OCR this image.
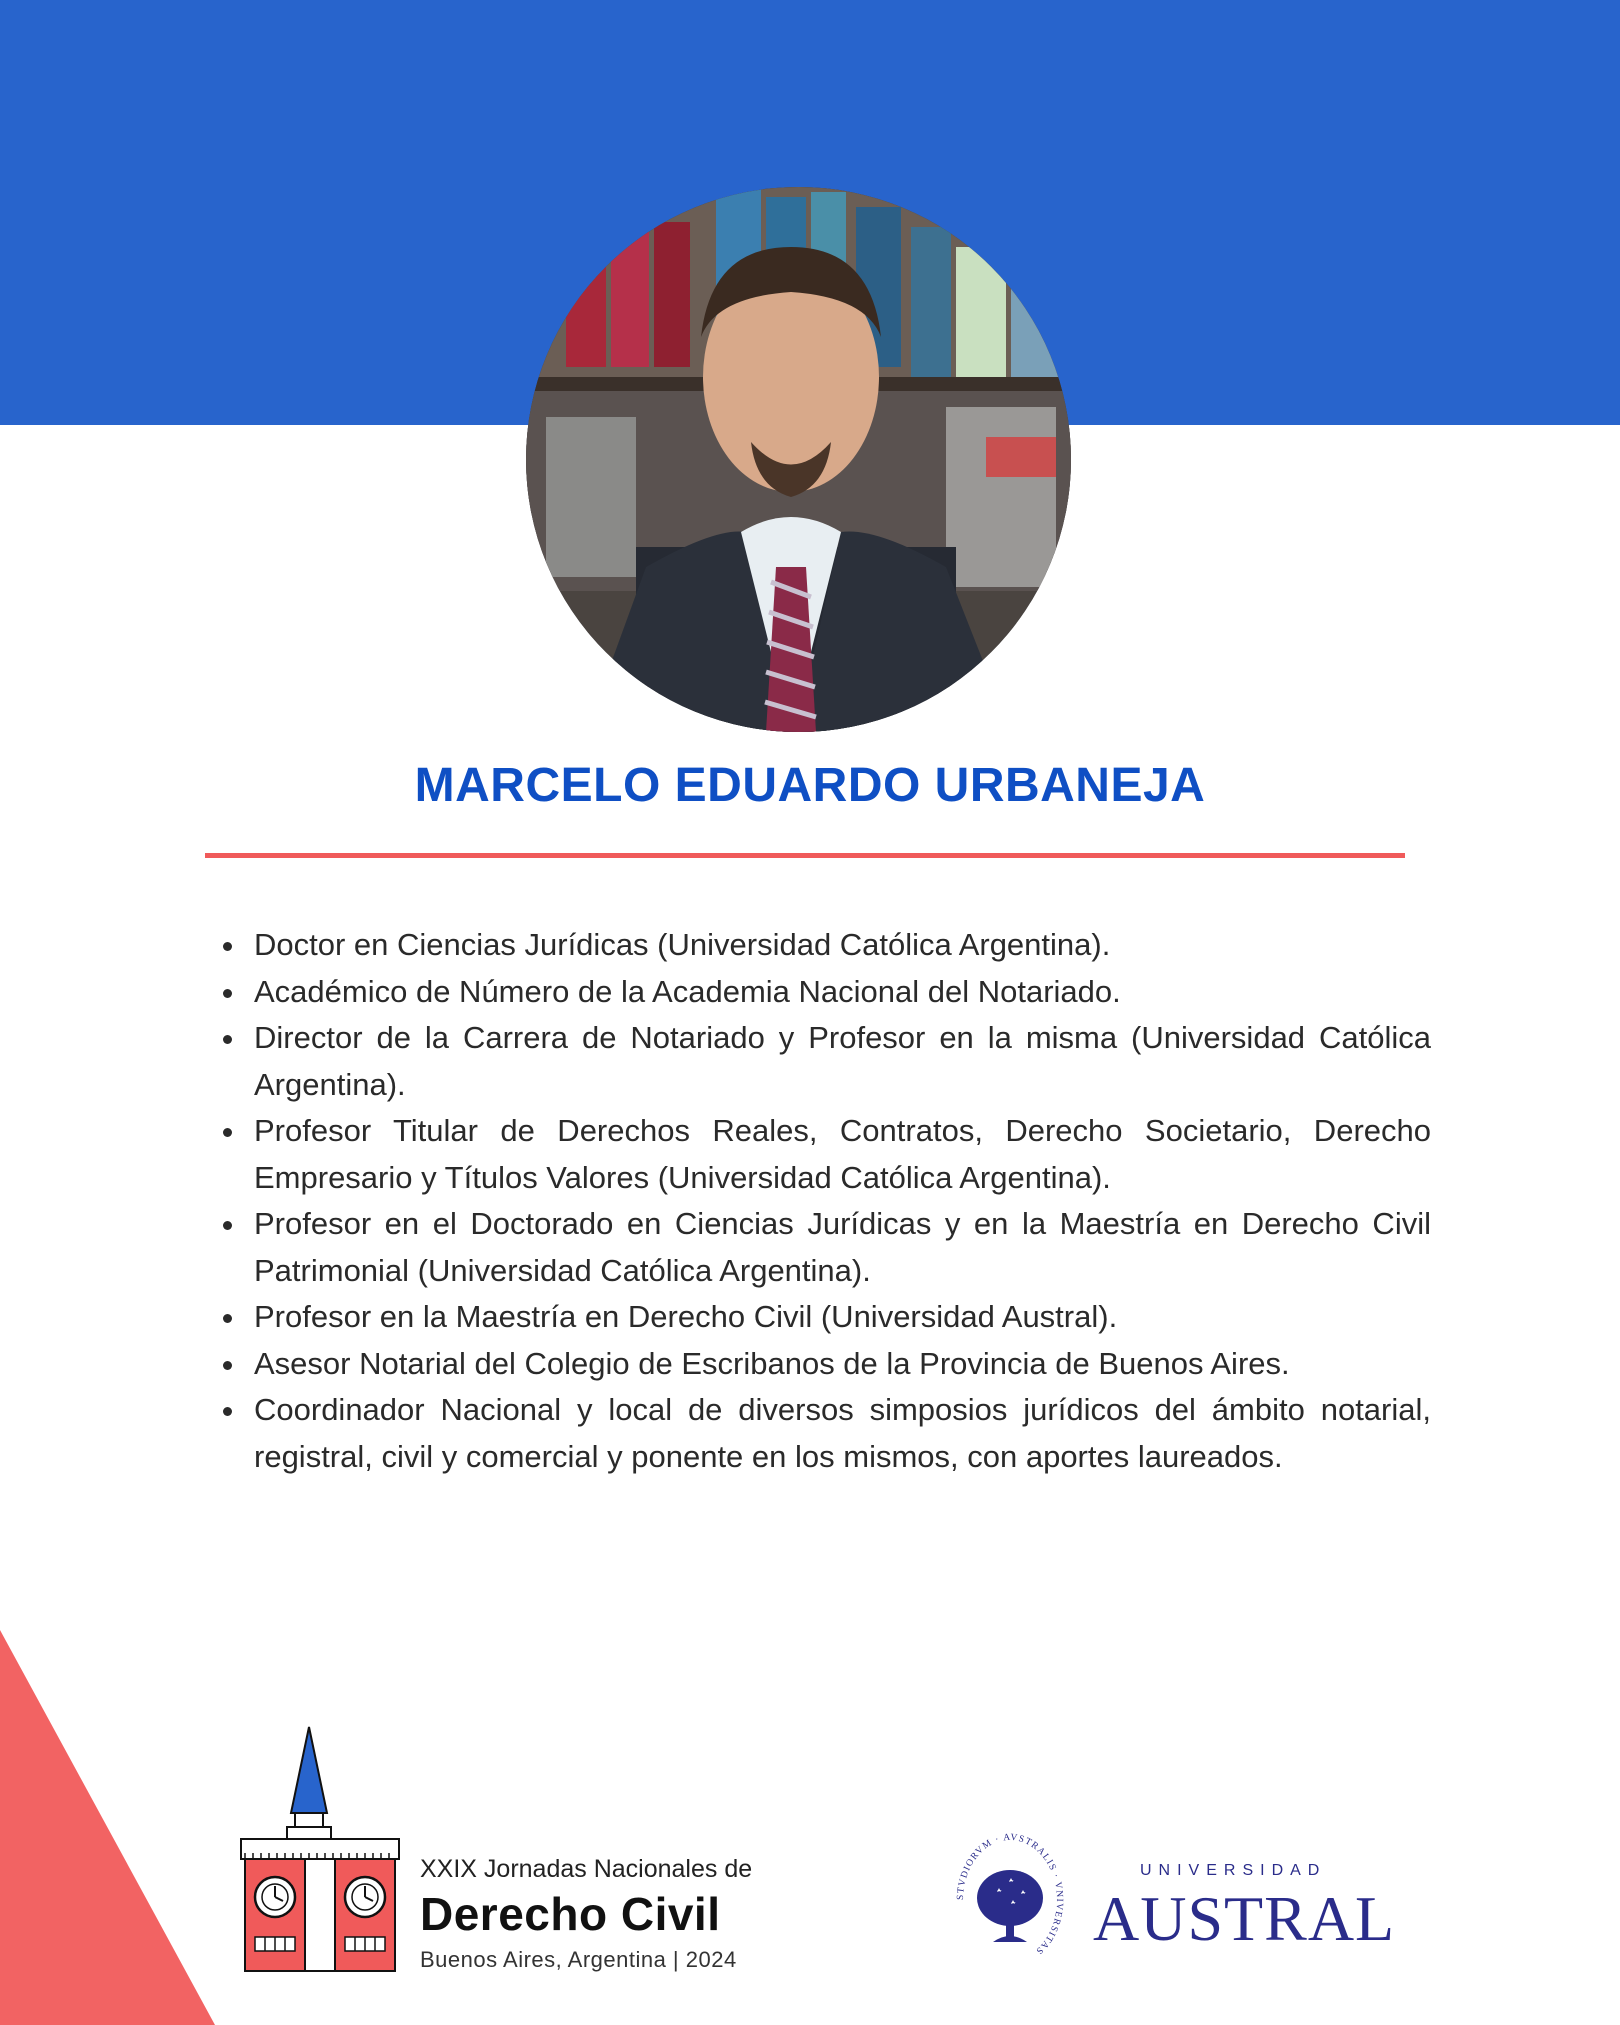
MARCELO EDUARDO URBANEJA
• Doctor en Ciencias Jurídicas (Universidad Católica Argentina).
• Académico de Número de la Academia Nacional del Notariado.
• Director de la Carrera de Notariado y Profesor en la misma (Universidad Católica Argentina).
• Profesor Titular de Derechos Reales, Contratos, Derecho Societario, Derecho Empresario y Títulos Valores (Universidad Católica Argentina).
• Profesor en el Doctorado en Ciencias Jurídicas y en la Maestría en Derecho Civil Patrimonial (Universidad Católica Argentina).
• Profesor en la Maestría en Derecho Civil (Universidad Austral).
• Asesor Notarial del Colegio de Escribanos de la Provincia de Buenos Aires.
• Coordinador Nacional y local de diversos simposios jurídicos del ámbito notarial, registral, civil y comercial y ponente en los mismos, con aportes laureados.
XXIX Jornadas Nacionales de
Derecho Civil
Buenos Aires, Argentina | 2024
STVDIORVM · AVSTRALIS · VNIVERSITAS
UNIVERSIDAD
AUSTRAL
